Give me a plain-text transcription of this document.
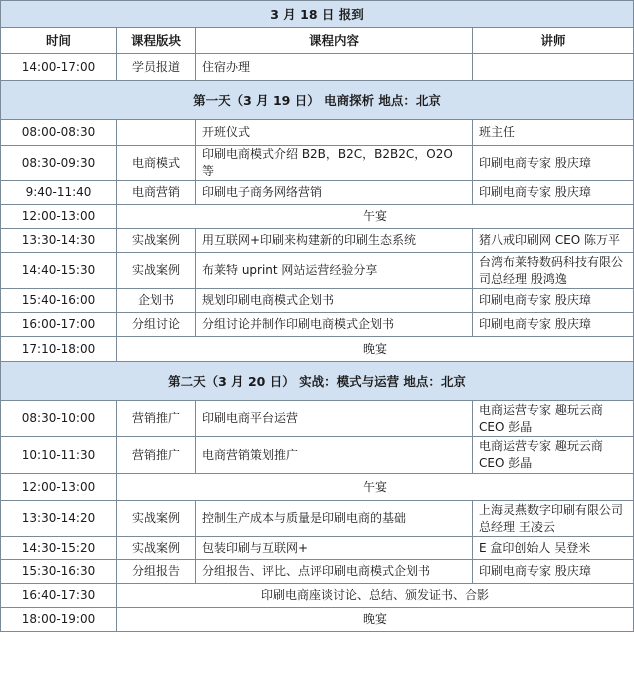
3 月 18 日 报到			
时间	课程版块	课程内容	讲师
14:00-17:00	学员报道	住宿办理	
第一天（3 月 19 日） 电商探析 地点：北京			
08:00-08:30		开班仪式	班主任
08:30-09:30	电商模式	印刷电商模式介绍 B2B，B2C，B2B2C，O2O 等	印刷电商专家 殷庆璋
9:40-11:40	电商营销	印刷电子商务网络营销	印刷电商专家 殷庆璋
12:00-13:00	午宴		
13:30-14:30	实战案例	用互联网+印刷来构建新的印刷生态系统	猪八戒印刷网 CEO 陈万平
14:40-15:30	实战案例	布莱特 uprint 网站运营经验分享	台湾布莱特数码科技有限公司总经理 殷鸿逸
15:40-16:00	企划书	规划印刷电商模式企划书	印刷电商专家 殷庆璋
16:00-17:00	分组讨论	分组讨论并制作印刷电商模式企划书	印刷电商专家 殷庆璋
17:10-18:00	晚宴		
第二天（3 月 20 日） 实战：模式与运营 地点：北京			
08:30-10:00	营销推广	印刷电商平台运营	电商运营专家 趣玩云商 CEO 彭晶
10:10-11:30	营销推广	电商营销策划推广	电商运营专家 趣玩云商 CEO 彭晶
12:00-13:00	午宴		
13:30-14:20	实战案例	控制生产成本与质量是印刷电商的基础	上海灵燕数字印刷有限公司总经理 王凌云
14:30-15:20	实战案例	包装印刷与互联网+	E 盒印创始人 吴登米
15:30-16:30	分组报告	分组报告、评比、点评印刷电商模式企划书	印刷电商专家 殷庆璋
16:40-17:30	印刷电商座谈讨论、总结、颁发证书、合影		
18:00-19:00	晚宴		
